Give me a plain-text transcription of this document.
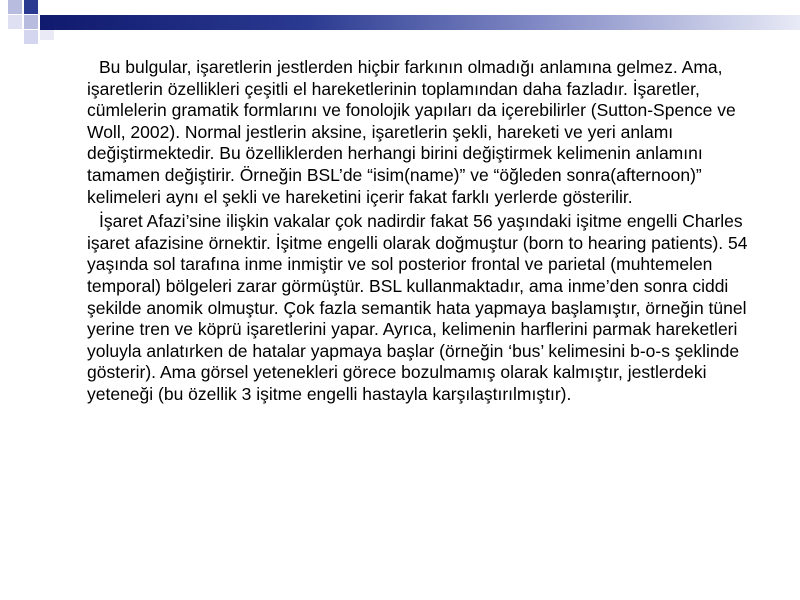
Bu bulgular, işaretlerin jestlerden hiçbir farkının olmadığı anlamına gelmez. Ama, işaretlerin özellikleri çeşitli el hareketlerinin toplamından daha fazladır. İşaretler, cümlelerin gramatik formlarını ve fonolojik yapıları da içerebilirler (Sutton-Spence ve Woll, 2002). Normal jestlerin aksine, işaretlerin şekli, hareketi ve yeri anlamı değiştirmektedir. Bu özelliklerden herhangi birini değiştirmek kelimenin anlamını tamamen değiştirir. Örneğin BSL’de “isim(name)” ve “öğleden sonra(afternoon)” kelimeleri aynı el şekli ve hareketini içerir fakat farklı yerlerde gösterilir.

İşaret Afazi’sine ilişkin vakalar çok nadirdir fakat 56 yaşındaki işitme engelli Charles işaret afazisine örnektir. İşitme engelli olarak doğmuştur (born to hearing patients). 54 yaşında sol tarafına inme inmiştir ve sol posterior frontal ve parietal (muhtemelen temporal) bölgeleri zarar görmüştür. BSL kullanmaktadır, ama inme’den sonra ciddi şekilde anomik olmuştur. Çok fazla semantik hata yapmaya başlamıştır, örneğin tünel yerine tren ve köprü işaretlerini yapar. Ayrıca, kelimenin harflerini parmak hareketleri yoluyla anlatırken de hatalar yapmaya başlar (örneğin ‘bus’ kelimesini b-o-s şeklinde gösterir). Ama görsel yetenekleri görece bozulmamış olarak kalmıştır, jestlerdeki yeteneği (bu özellik 3 işitme engelli hastayla karşılaştırılmıştır).
